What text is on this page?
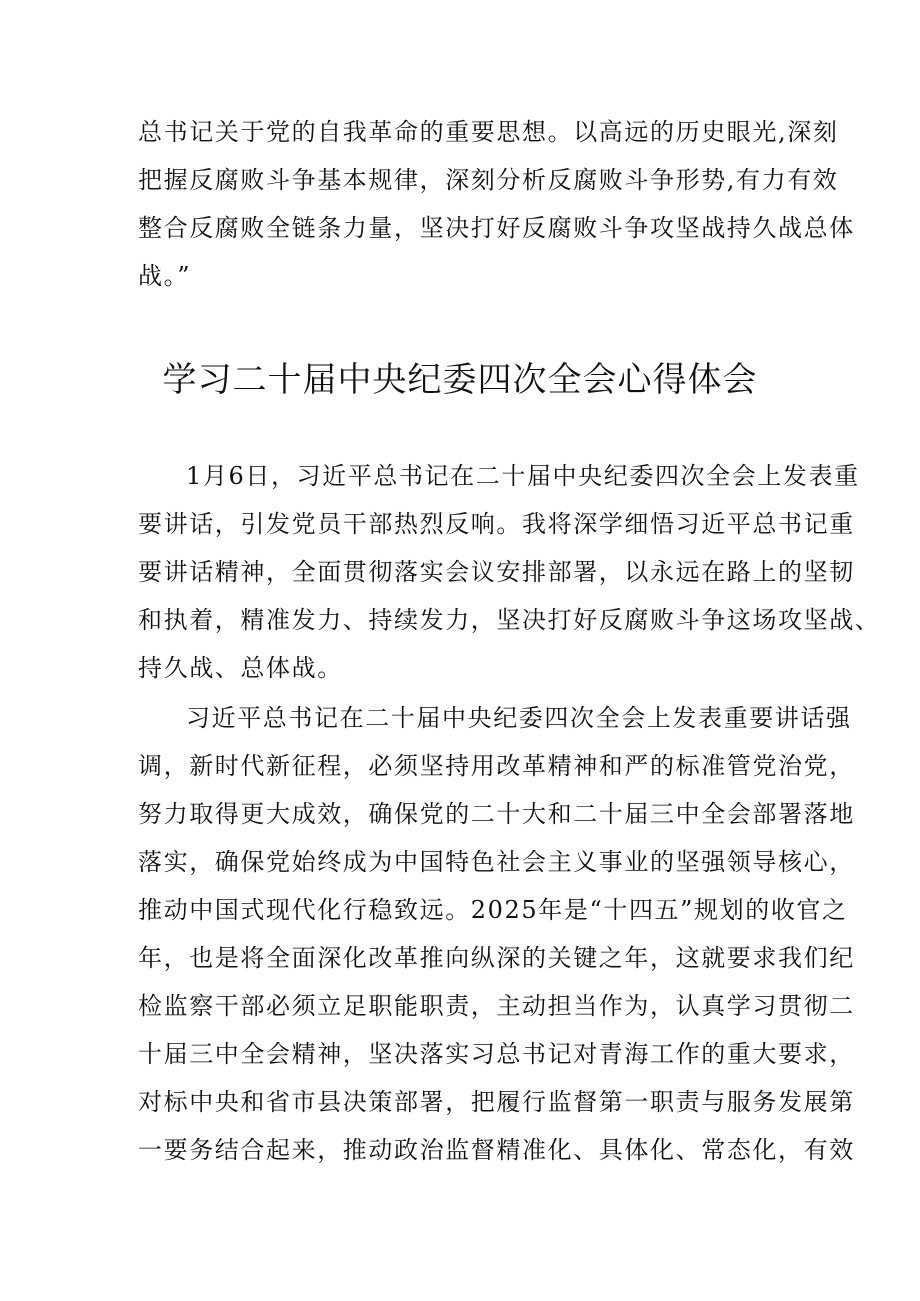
总书记关于党的自我革命的重要思想。以高远的历史眼光,深刻
把握反腐败斗争基本规律，深刻分析反腐败斗争形势,有力有效
整合反腐败全链条力量，坚决打好反腐败斗争攻坚战持久战总体
战。”
学习二十届中央纪委四次全会心得体会
1月6日，习近平总书记在二十届中央纪委四次全会上发表重
要讲话，引发党员干部热烈反响。我将深学细悟习近平总书记重
要讲话精神，全面贯彻落实会议安排部署，以永远在路上的坚韧
和执着，精准发力、持续发力，坚决打好反腐败斗争这场攻坚战、
持久战、总体战。
习近平总书记在二十届中央纪委四次全会上发表重要讲话强
调，新时代新征程，必须坚持用改革精神和严的标准管党治党，
努力取得更大成效，确保党的二十大和二十届三中全会部署落地
落实，确保党始终成为中国特色社会主义事业的坚强领导核心，
推动中国式现代化行稳致远。2025年是“十四五”规划的收官之
年，也是将全面深化改革推向纵深的关键之年，这就要求我们纪
检监察干部必须立足职能职责，主动担当作为，认真学习贯彻二
十届三中全会精神，坚决落实习总书记对青海工作的重大要求，
对标中央和省市县决策部署，把履行监督第一职责与服务发展第
一要务结合起来，推动政治监督精准化、具体化、常态化，有效
